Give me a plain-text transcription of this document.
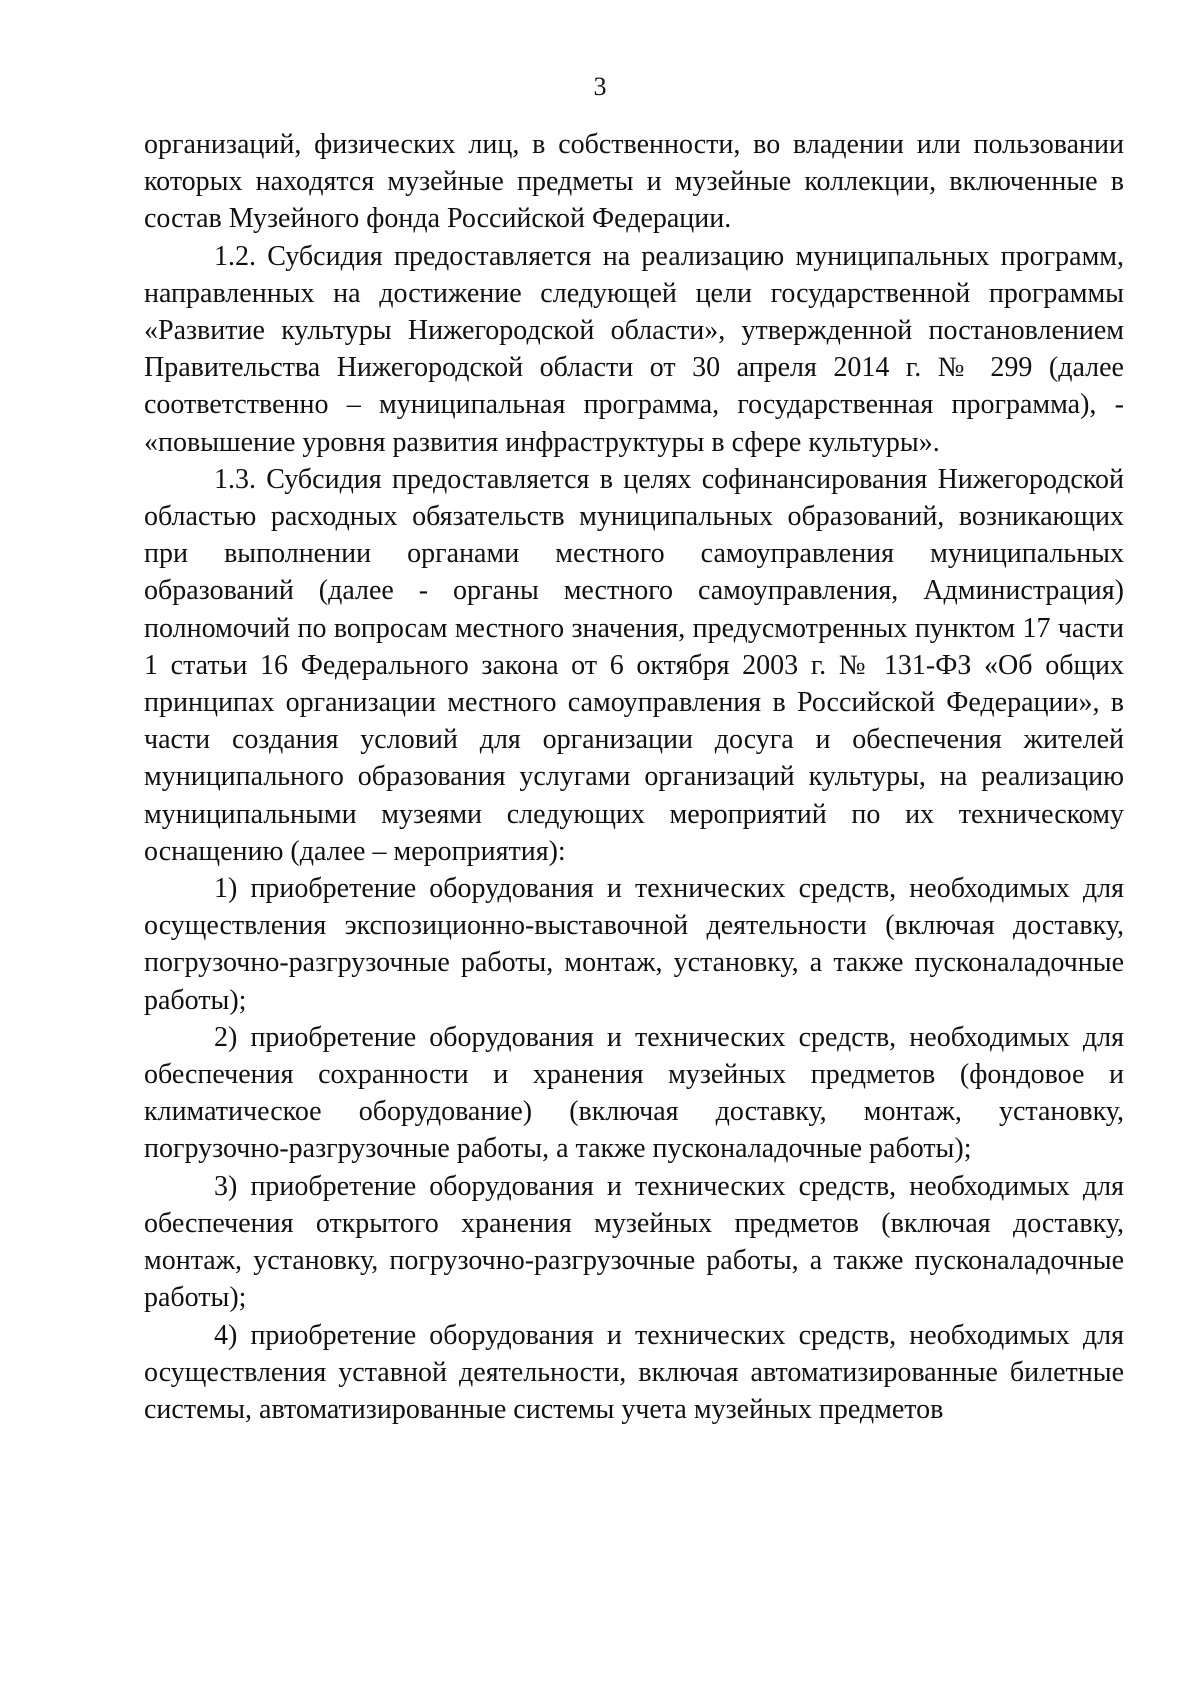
3

организаций, физических лиц, в собственности, во владении или пользовании которых находятся музейные предметы и музейные коллекции, включенные в состав Музейного фонда Российской Федерации.

1.2. Субсидия предоставляется на реализацию муниципальных программ, направленных на достижение следующей цели государственной программы «Развитие культуры Нижегородской области», утвержденной постановлением Правительства Нижегородской области от 30 апреля 2014 г. № 299 (далее соответственно – муниципальная программа, государственная программа), - «повышение уровня развития инфраструктуры в сфере культуры».

1.3. Субсидия предоставляется в целях софинансирования Нижегородской областью расходных обязательств муниципальных образований, возникающих при выполнении органами местного самоуправления муниципальных образований (далее - органы местного самоуправления, Администрация) полномочий по вопросам местного значения, предусмотренных пунктом 17 части 1 статьи 16 Федерального закона от 6 октября 2003 г. № 131-ФЗ «Об общих принципах организации местного самоуправления в Российской Федерации», в части создания условий для организации досуга и обеспечения жителей муниципального образования услугами организаций культуры, на реализацию муниципальными музеями следующих мероприятий по их техническому оснащению (далее – мероприятия):

1) приобретение оборудования и технических средств, необходимых для осуществления экспозиционно-выставочной деятельности (включая доставку, погрузочно-разгрузочные работы, монтаж, установку, а также пусконаладочные работы);

2) приобретение оборудования и технических средств, необходимых для обеспечения сохранности и хранения музейных предметов (фондовое и климатическое оборудование) (включая доставку, монтаж, установку, погрузочно-разгрузочные работы, а также пусконаладочные работы);

3) приобретение оборудования и технических средств, необходимых для обеспечения открытого хранения музейных предметов (включая доставку, монтаж, установку, погрузочно-разгрузочные работы, а также пусконаладочные работы);

4) приобретение оборудования и технических средств, необходимых для осуществления уставной деятельности, включая автоматизированные билетные системы, автоматизированные системы учета музейных предметов
